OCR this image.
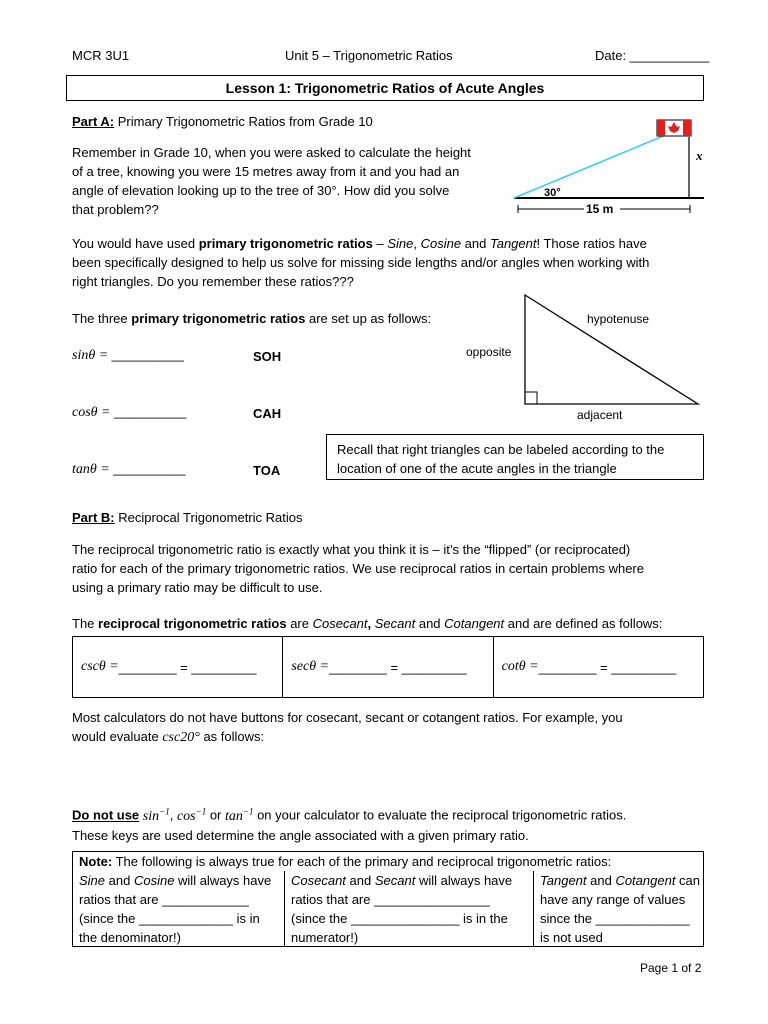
MCR 3U1	Unit 5 – Trigonometric Ratios	Date: ___________
Lesson 1: Trigonometric Ratios of Acute Angles
Part A: Primary Trigonometric Ratios from Grade 10
Remember in Grade 10, when you were asked to calculate the height
of a tree, knowing you were 15 metres away from it and you had an
angle of elevation looking up to the tree of 30°. How did you solve
that problem??
30°
x
15 m
You would have used primary trigonometric ratios – Sine, Cosine and Tangent! Those ratios have
been specifically designed to help us solve for missing side lengths and/or angles when working with
right triangles. Do you remember these ratios???
The three primary trigonometric ratios are set up as follows:
sinθ = __________	SOH
cosθ = __________	CAH
tanθ = __________	TOA
hypotenuse
opposite
adjacent
Recall that right triangles can be labeled according to the
location of one of the acute angles in the triangle
Part B: Reciprocal Trigonometric Ratios
The reciprocal trigonometric ratio is exactly what you think it is – it’s the “flipped” (or reciprocated)
ratio for each of the primary trigonometric ratios. We use reciprocal ratios in certain problems where
using a primary ratio may be difficult to use.
The reciprocal trigonometric ratios are Cosecant, Secant and Cotangent and are defined as follows:
cscθ = ________ = _________ secθ = ________ = _________ cotθ = ________ = _________
Most calculators do not have buttons for cosecant, secant or cotangent ratios. For example, you
would evaluate csc20° as follows:
Do not use $\sin^{-1}$, $\cos^{-1}$ or $\tan^{-1}$ on your calculator to evaluate the reciprocal trigonometric ratios.
These keys are used determine the angle associated with a given primary ratio.
Note: The following is always true for each of the primary and reciprocal trigonometric ratios:
Sine and Cosine will always have
ratios that are ____________
(since the _____________ is in
the denominator!)
Cosecant and Secant will always have
ratios that are ________________
(since the _______________ is in the
numerator!)
Tangent and Cotangent can
have any range of values
since the _____________
is not used
Page 1 of 2
